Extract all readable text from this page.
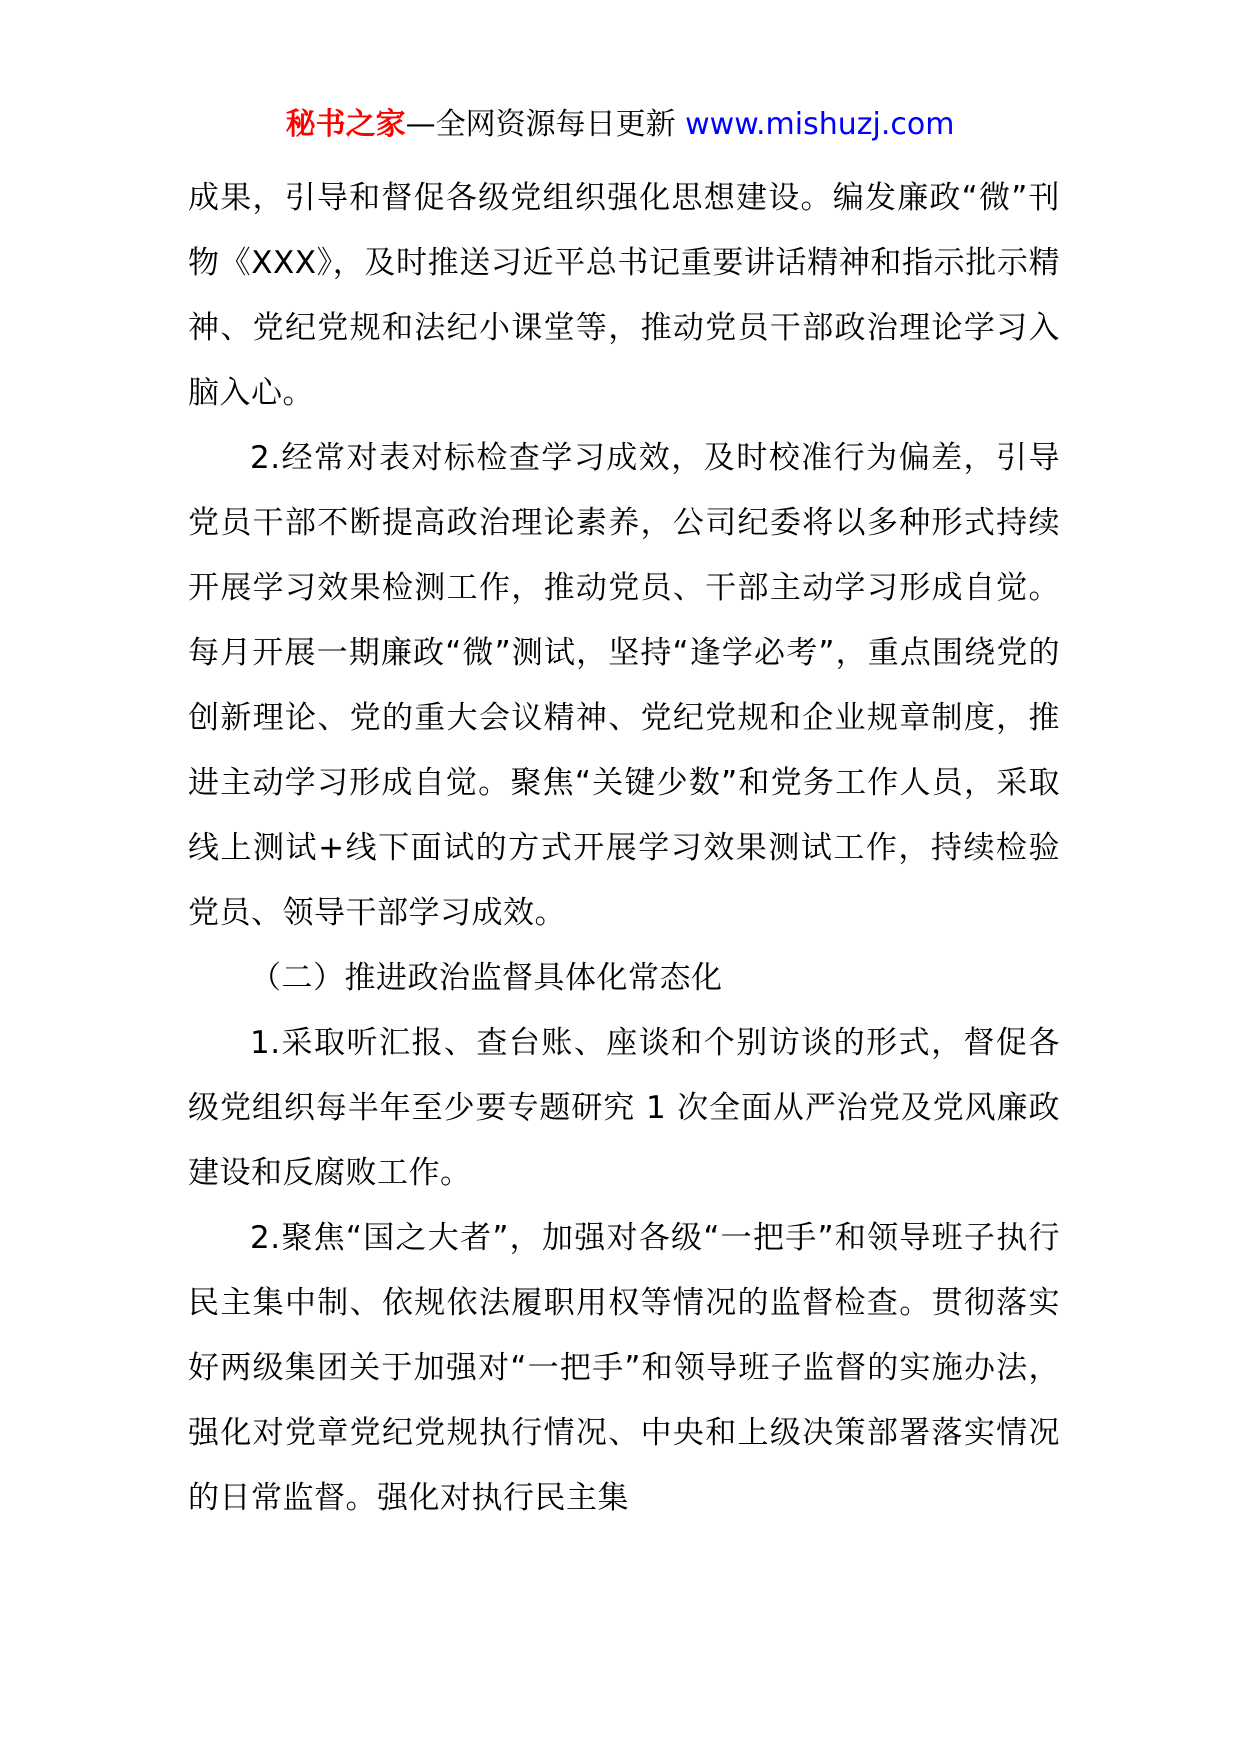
秘书之家—全网资源每日更新 www.mishuzj.com

成果，引导和督促各级党组织强化思想建设。编发廉政“微”刊物《XXX》，及时推送习近平总书记重要讲话精神和指示批示精神、党纪党规和法纪小课堂等，推动党员干部政治理论学习入脑入心。

2.经常对表对标检查学习成效，及时校准行为偏差，引导党员干部不断提高政治理论素养，公司纪委将以多种形式持续开展学习效果检测工作，推动党员、干部主动学习形成自觉。每月开展一期廉政“微”测试，坚持“逢学必考”，重点围绕党的创新理论、党的重大会议精神、党纪党规和企业规章制度，推进主动学习形成自觉。聚焦“关键少数”和党务工作人员，采取线上测试+线下面试的方式开展学习效果测试工作，持续检验党员、领导干部学习成效。

（二）推进政治监督具体化常态化

1.采取听汇报、查台账、座谈和个别访谈的形式，督促各级党组织每半年至少要专题研究 1 次全面从严治党及党风廉政建设和反腐败工作。

2.聚焦“国之大者”，加强对各级“一把手”和领导班子执行民主集中制、依规依法履职用权等情况的监督检查。贯彻落实好两级集团关于加强对“一把手”和领导班子监督的实施办法，强化对党章党纪党规执行情况、中央和上级决策部署落实情况的日常监督。强化对执行民主集
